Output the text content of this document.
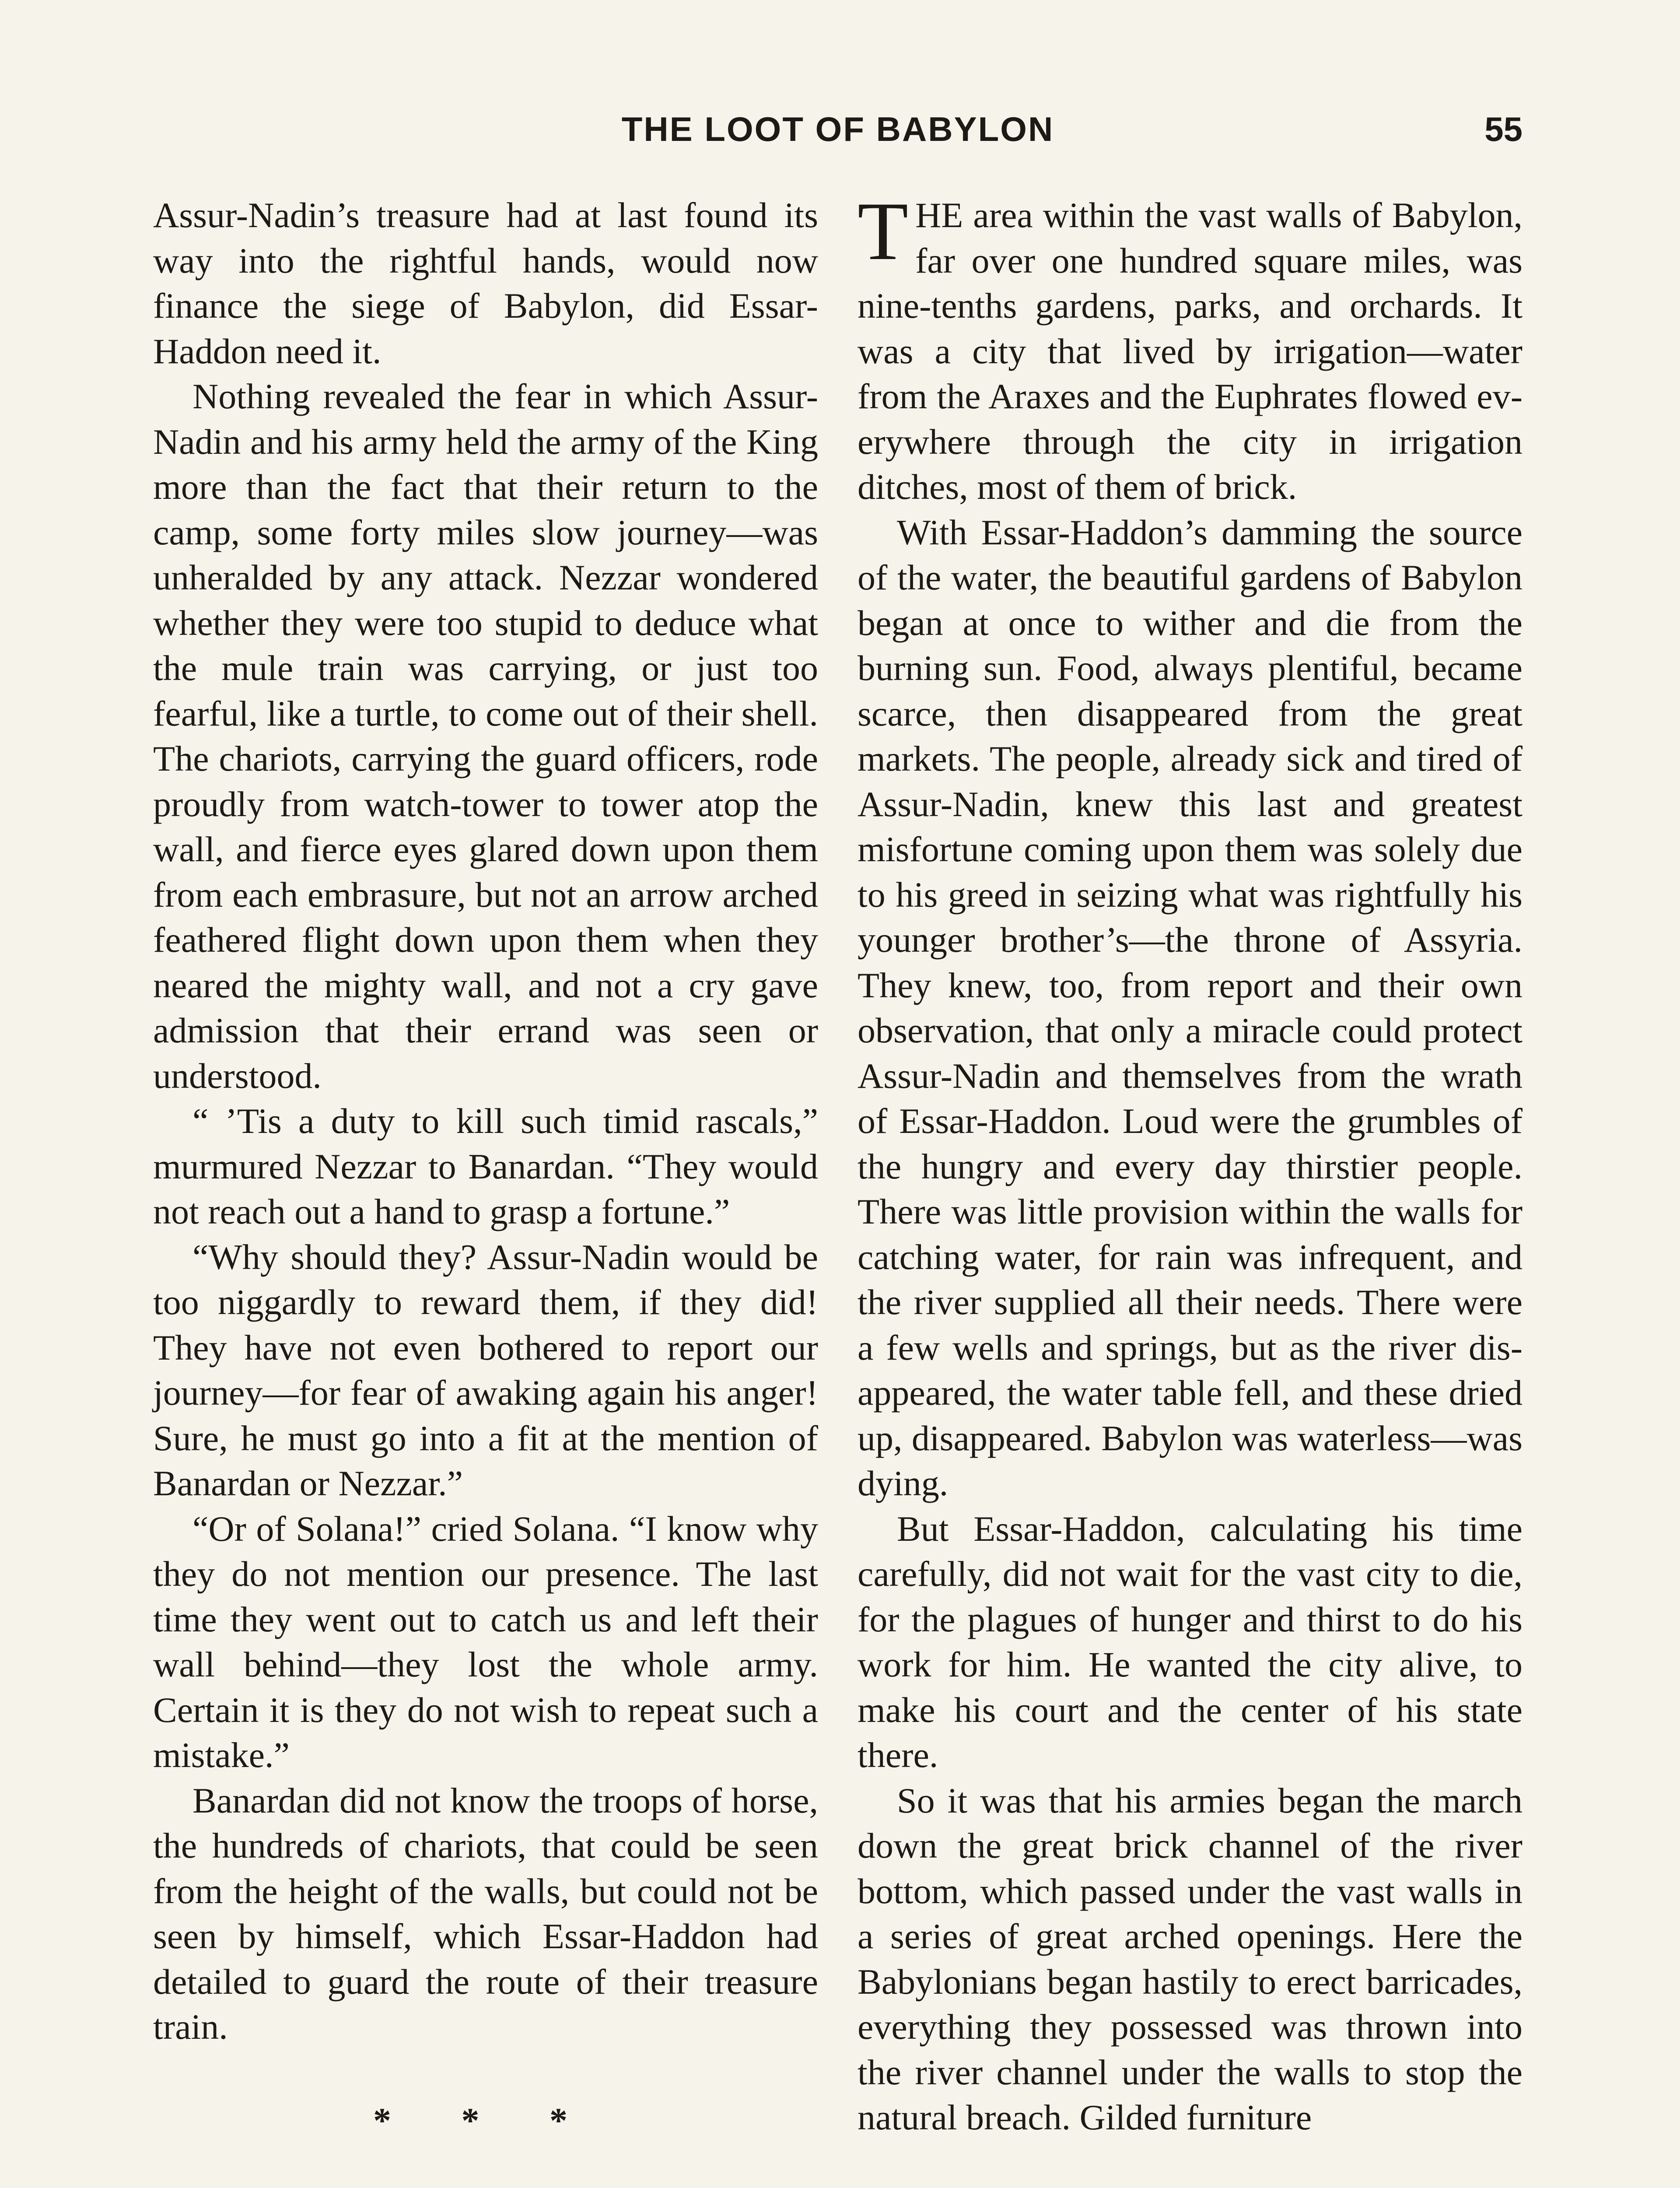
THE LOOT OF BABYLON	55

Assur-Nadin’s treasure had at last found its way into the rightful hands, would now finance the siege of Babylon, did Essar-Haddon need it.

Nothing revealed the fear in which Assur-Nadin and his army held the army of the King more than the fact that their return to the camp, some forty miles slow journey—was unheralded by any attack. Nezzar wondered whether they were too stupid to deduce what the mule train was carrying, or just too fearful, like a turtle, to come out of their shell. The chariots, carrying the guard officers, rode proudly from watch-tower to tower atop the wall, and fierce eyes glared down upon them from each embrasure, but not an arrow arched feathered flight down upon them when they neared the mighty wall, and not a cry gave admission that their errand was seen or understood.

“ ’Tis a duty to kill such timid rascals,” murmured Nezzar to Banardan. “They would not reach out a hand to grasp a fortune.”

“Why should they? Assur-Nadin would be too niggardly to reward them, if they did! They have not even bothered to report our journey—for fear of awaking again his anger! Sure, he must go into a fit at the mention of Banardan or Nezzar.”

“Or of Solana!” cried Solana. “I know why they do not mention our presence. The last time they went out to catch us and left their wall behind—they lost the whole army. Certain it is they do not wish to repeat such a mistake.”

Banardan did not know the troops of horse, the hundreds of chariots, that could be seen from the height of the walls, but could not be seen by himself, which Essar-Haddon had detailed to guard the route of their treasure train.

* * *

THE area within the vast walls of Babylon, far over one hundred square miles, was nine-tenths gardens, parks, and orchards. It was a city that lived by irrigation—water from the Araxes and the Euphrates flowed everywhere through the city in irrigation ditches, most of them of brick.

With Essar-Haddon’s damming the source of the water, the beautiful gardens of Babylon began at once to wither and die from the burning sun. Food, always plentiful, became scarce, then disappeared from the great markets. The people, already sick and tired of Assur-Nadin, knew this last and greatest misfortune coming upon them was solely due to his greed in seizing what was rightfully his younger brother’s—the throne of Assyria. They knew, too, from report and their own observation, that only a miracle could protect Assur-Nadin and themselves from the wrath of Essar-Haddon. Loud were the grumbles of the hungry and every day thirstier people. There was little provision within the walls for catching water, for rain was infrequent, and the river supplied all their needs. There were a few wells and springs, but as the river disappeared, the water table fell, and these dried up, disappeared. Babylon was waterless—was dying.

But Essar-Haddon, calculating his time carefully, did not wait for the vast city to die, for the plagues of hunger and thirst to do his work for him. He wanted the city alive, to make his court and the center of his state there.

So it was that his armies began the march down the great brick channel of the river bottom, which passed under the vast walls in a series of great arched openings. Here the Babylonians began hastily to erect barricades, everything they possessed was thrown into the river channel under the walls to stop the natural breach. Gilded furniture
